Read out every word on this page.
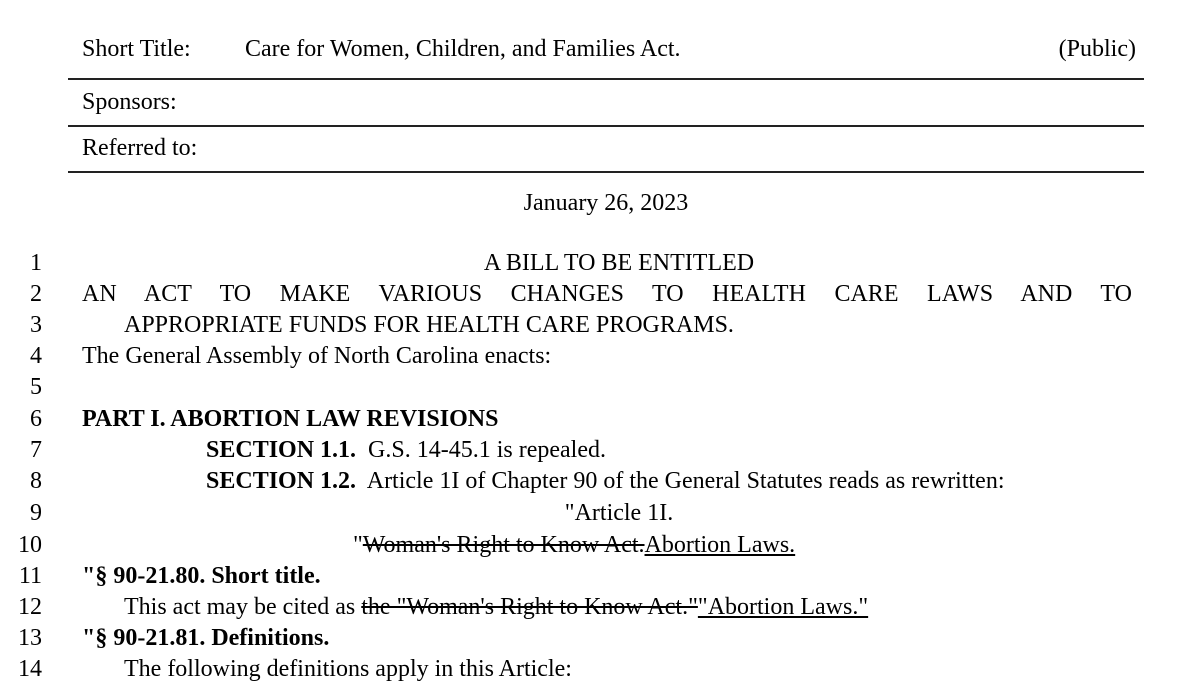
Short Title: Care for Women, Children, and Families Act.	(Public)
Sponsors:
Referred to:
January 26, 2023
1	A BILL TO BE ENTITLED
2 AN ACT TO MAKE VARIOUS CHANGES TO HEALTH CARE LAWS AND TO
3	APPROPRIATE FUNDS FOR HEALTH CARE PROGRAMS.
4 The General Assembly of North Carolina enacts:
5
6 PART I. ABORTION LAW REVISIONS
7	SECTION 1.1. G.S. 14-45.1 is repealed.
8	SECTION 1.2. Article 1I of Chapter 90 of the General Statutes reads as rewritten:
9	"Article 1I.
10	"Woman's Right to Know Act.Abortion Laws.
11 "§ 90-21.80. Short title.
12	This act may be cited as the "Woman's Right to Know Act.""Abortion Laws."
13 "§ 90-21.81. Definitions.
14	The following definitions apply in this Article:
